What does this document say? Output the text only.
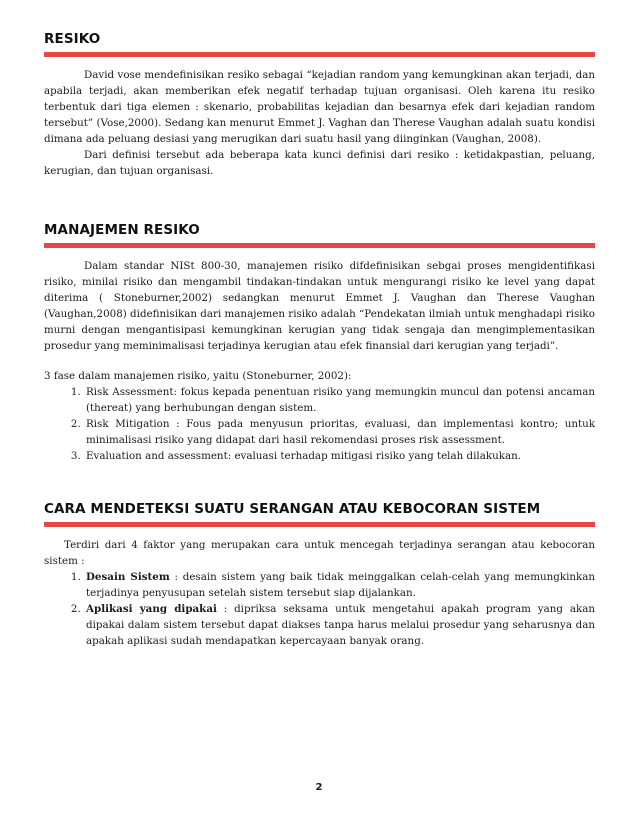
RESIKO

David vose mendefinisikan resiko sebagai “kejadian random yang kemungkinan akan terjadi, dan apabila terjadi, akan memberikan efek negatif terhadap tujuan organisasi. Oleh karena itu resiko terbentuk dari tiga elemen : skenario, probabilitas kejadian dan besarnya efek dari kejadian random tersebut” (Vose,2000). Sedang kan menurut Emmet J. Vaghan dan Therese Vaughan adalah suatu kondisi dimana ada peluang desiasi yang merugikan dari suatu hasil yang diinginkan (Vaughan, 2008).

Dari definisi tersebut ada beberapa kata kunci definisi dari resiko : ketidakpastian, peluang, kerugian, dan tujuan organisasi.

MANAJEMEN RESIKO

Dalam standar NISt 800-30, manajemen risiko difdefinisikan sebgai proses mengidentifikasi risiko, minilai risiko dan mengambil tindakan-tindakan untuk mengurangi risiko ke level yang dapat diterima ( Stoneburner,2002) sedangkan menurut Emmet J. Vaughan dan Therese Vaughan (Vaughan,2008) didefinisikan dari manajemen risiko adalah “Pendekatan ilmiah untuk menghadapi risiko murni dengan mengantisipasi kemungkinan kerugian yang tidak sengaja dan mengimplementasikan prosedur yang meminimalisasi terjadinya kerugian atau efek finansial dari kerugian yang terjadi”.

3 fase dalam manajemen risiko, yaitu (Stoneburner, 2002):

1. Risk Assessment: fokus kepada penentuan risiko yang memungkin muncul dan potensi ancaman (thereat) yang berhubungan dengan sistem.
2. Risk Mitigation : Fous pada menyusun prioritas, evaluasi, dan implementasi kontro; untuk minimalisasi risiko yang didapat dari hasil rekomendasi proses risk assessment.
3. Evaluation and assessment: evaluasi terhadap mitigasi risiko yang telah dilakukan.
CARA MENDETEKSI SUATU SERANGAN ATAU KEBOCORAN SISTEM

Terdiri dari 4 faktor yang merupakan cara untuk mencegah terjadinya serangan atau kebocoran sistem :

1. Desain Sistem : desain sistem yang baik tidak meinggalkan celah-celah yang memungkinkan terjadinya penyusupan setelah sistem tersebut siap dijalankan.
2. Aplikasi yang dipakai : dipriksa seksama untuk mengetahui apakah program yang akan dipakai dalam sistem tersebut dapat diakses tanpa harus melalui prosedur yang seharusnya dan apakah aplikasi sudah mendapatkan kepercayaan banyak orang.
2
